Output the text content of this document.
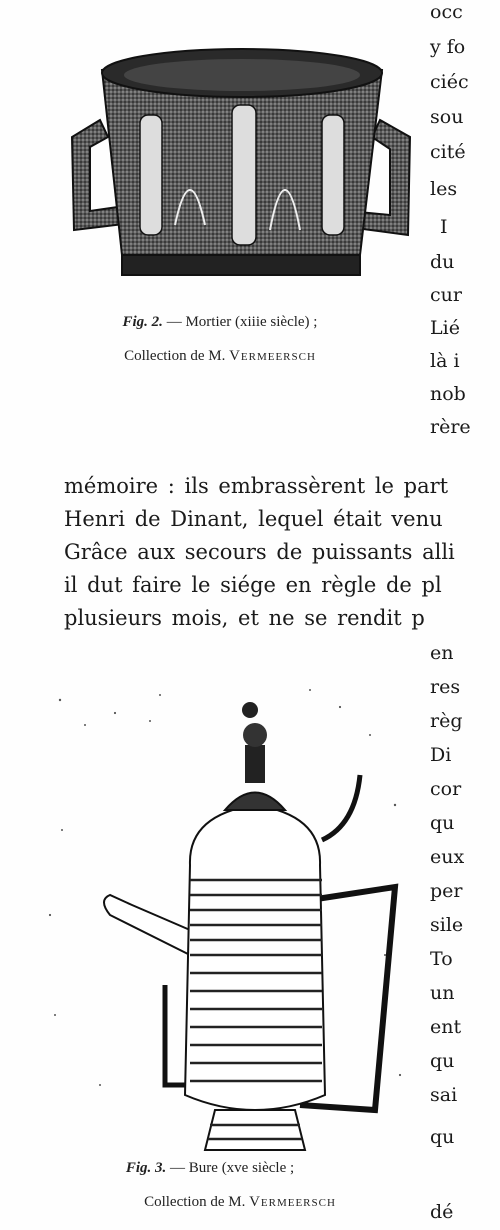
Fig. 2. — Mortier (xiiie siècle) ;
Collection de M. Vermeersch
occ
y fo
ciéc
sou
cité
les
I
du
cur
Lié
là i
nob
rère
mémoire : ils embrassèrent le part
Henri de Dinant, lequel était venu
Grâce aux secours de puissants alli
il dut faire le siége en règle de pl
plusieurs mois, et ne se rendit p
Fig. 3. — Bure (xve siècle ;
Collection de M. Vermeersch
en
res
règ
Di
cor
qu
eux
per
sile
To
un
ent
qu
sai
qu
dé
